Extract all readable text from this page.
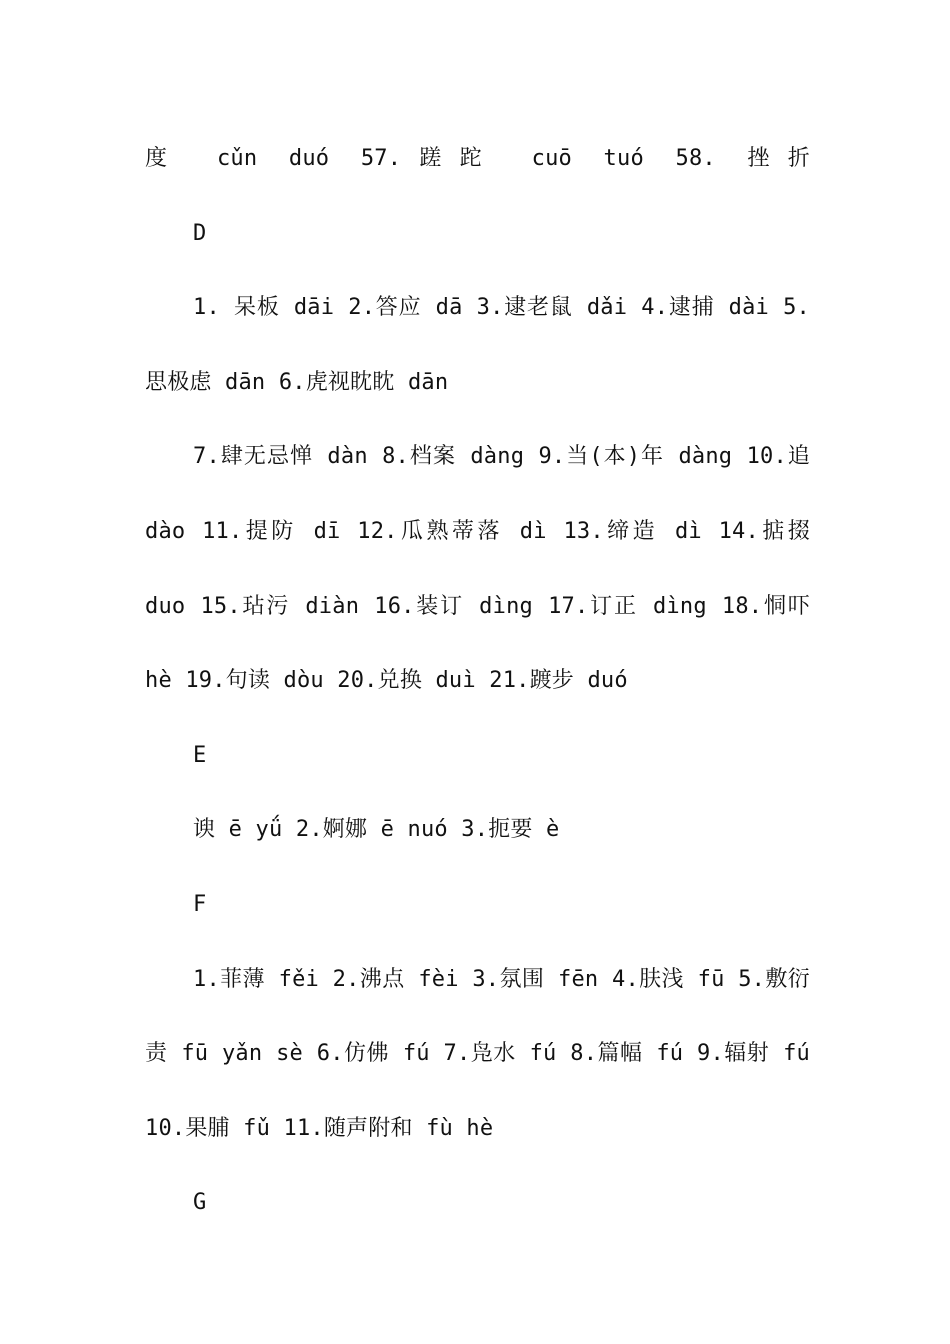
度 cǔn duó 57.蹉跎 cuō tuó 58. 挫折
D
1. 呆板 dāi 2.答应 dā 3.逮老鼠 dǎi 4.逮捕 dài 5.
思极虑 dān 6.虎视眈眈 dān
7.肆无忌惮 dàn 8.档案 dàng 9.当(本)年 dàng 10.追
dào 11.提防 dī 12.瓜熟蒂落 dì 13.缔造 dì 14.掂掇
duo 15.玷污 diàn 16.装订 dìng 17.订正 dìng 18.恫吓
hè 19.句读 dòu 20.兑换 duì 21.踱步 duó
E
谀 ē yǘ 2.婀娜 ē nuó 3.扼要 è
F
1.菲薄 fěi 2.沸点 fèi 3.氛围 fēn 4.肤浅 fū 5.敷衍
责 fū yǎn sè 6.仿佛 fú 7.凫水 fú 8.篇幅 fú 9.辐射 fú
10.果脯 fǔ 11.随声附和 fù hè
G
